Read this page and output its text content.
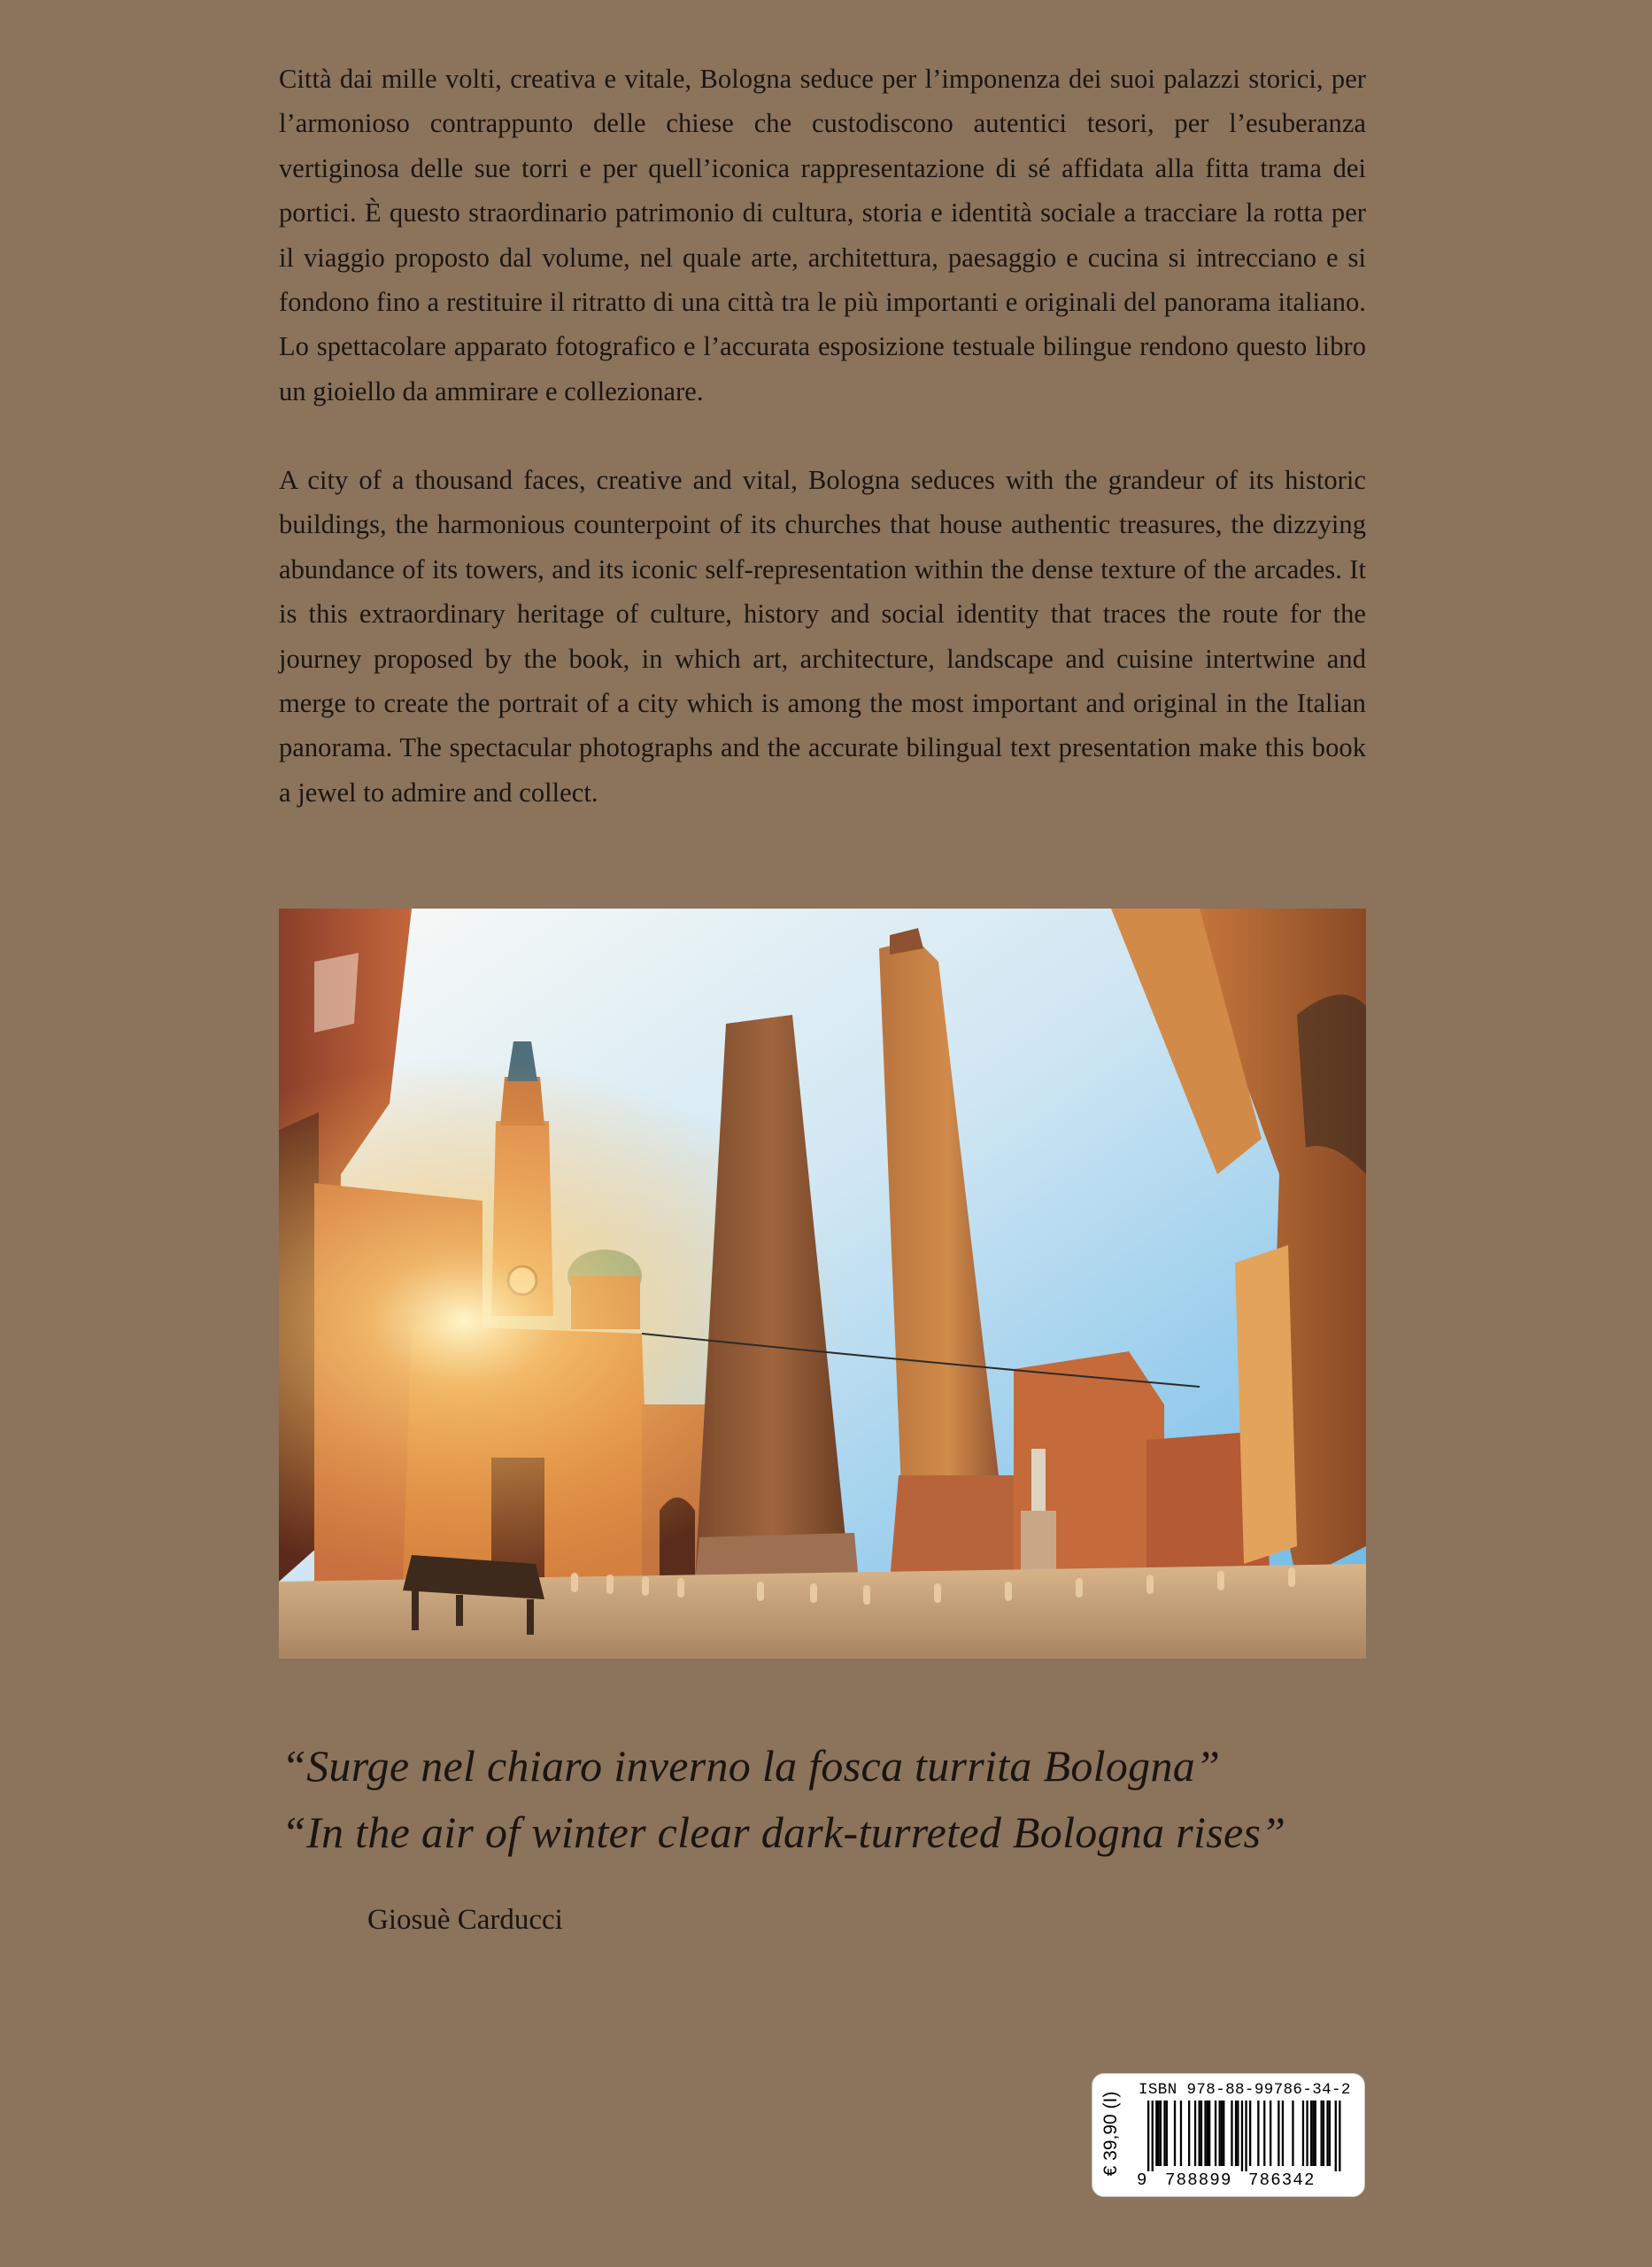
Città dai mille volti, creativa e vitale, Bologna seduce per l’imponenza dei suoi palazzi storici, per l’armonioso contrappunto delle chiese che custodiscono autentici tesori, per l’esuberanza vertiginosa delle sue torri e per quell’iconica rappresentazione di sé affidata alla fitta trama dei portici. È questo straordinario patrimonio di cultura, storia e identità sociale a tracciare la rotta per il viaggio proposto dal volume, nel quale arte, architettura, paesaggio e cucina si intrecciano e si fondono fino a restituire il ritratto di una città tra le più importanti e originali del panorama italiano. Lo spettacolare apparato fotografico e l’accurata esposizione testuale bilingue rendono questo libro un gioiello da ammirare e collezionare.

A city of a thousand faces, creative and vital, Bologna seduces with the grandeur of its historic buildings, the harmonious counterpoint of its churches that house authentic treasures, the dizzying abundance of its towers, and its iconic self-representation within the dense texture of the arcades. It is this extraordinary heritage of culture, history and social identity that traces the route for the journey proposed by the book, in which art, architecture, landscape and cuisine intertwine and merge to create the portrait of a city which is among the most important and original in the Italian panorama. The spectacular photographs and the accurate bilingual text presentation make this book a jewel to admire and collect.

“Surge nel chiaro inverno la fosca turrita Bologna”
“In the air of winter clear dark-turreted Bologna rises”
Giosuè Carducci
€ 39,90 (I)
ISBN 978-88-99786-34-2
9 788899 786342
